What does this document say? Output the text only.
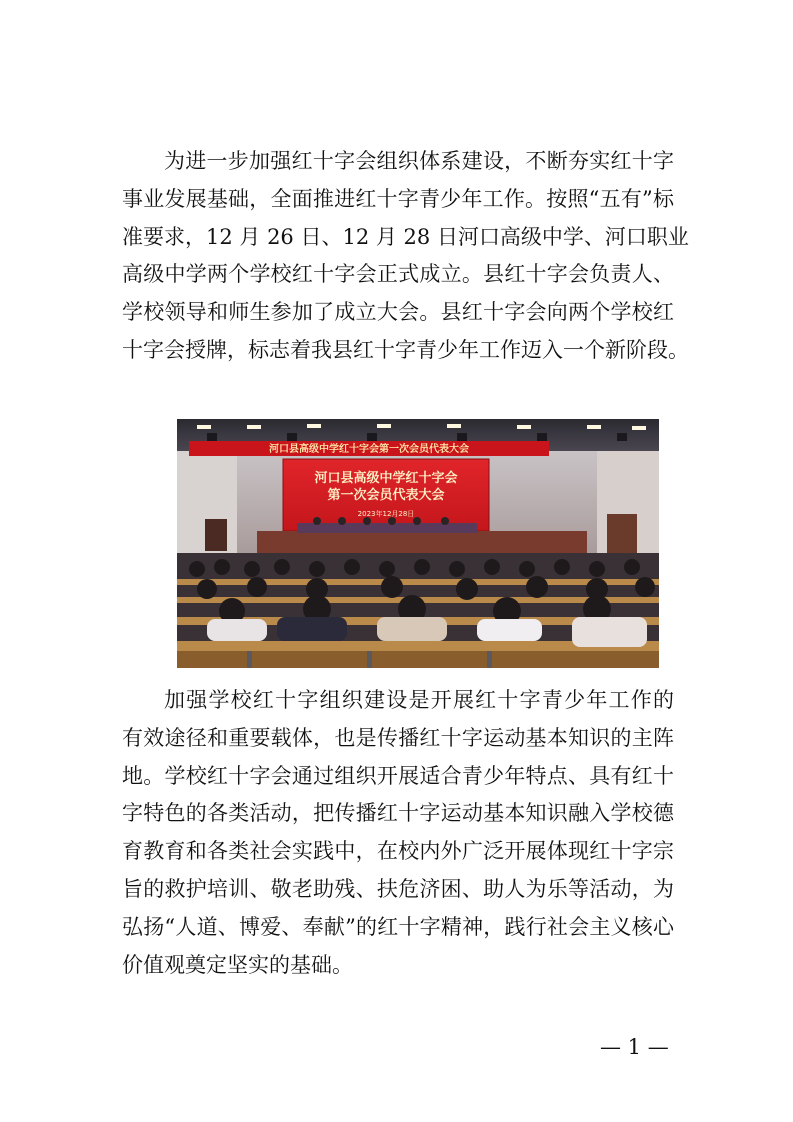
为进一步加强红十字会组织体系建设，不断夯实红十字
事业发展基础，全面推进红十字青少年工作。按照“五有”标
准要求，12 月 26 日、12 月 28 日河口高级中学、河口职业
高级中学两个学校红十字会正式成立。县红十字会负责人、
学校领导和师生参加了成立大会。县红十字会向两个学校红
十字会授牌，标志着我县红十字青少年工作迈入一个新阶段。
河口县高级中学红十字会第一次会员代表大会
河口县高级中学红十字会
第一次会员代表大会
2023年12月28日
加强学校红十字组织建设是开展红十字青少年工作的
有效途径和重要载体，也是传播红十字运动基本知识的主阵
地。学校红十字会通过组织开展适合青少年特点、具有红十
字特色的各类活动，把传播红十字运动基本知识融入学校德
育教育和各类社会实践中，在校内外广泛开展体现红十字宗
旨的救护培训、敬老助残、扶危济困、助人为乐等活动，为
弘扬“人道、博爱、奉献”的红十字精神，践行社会主义核心
价值观奠定坚实的基础。
— 1 —
